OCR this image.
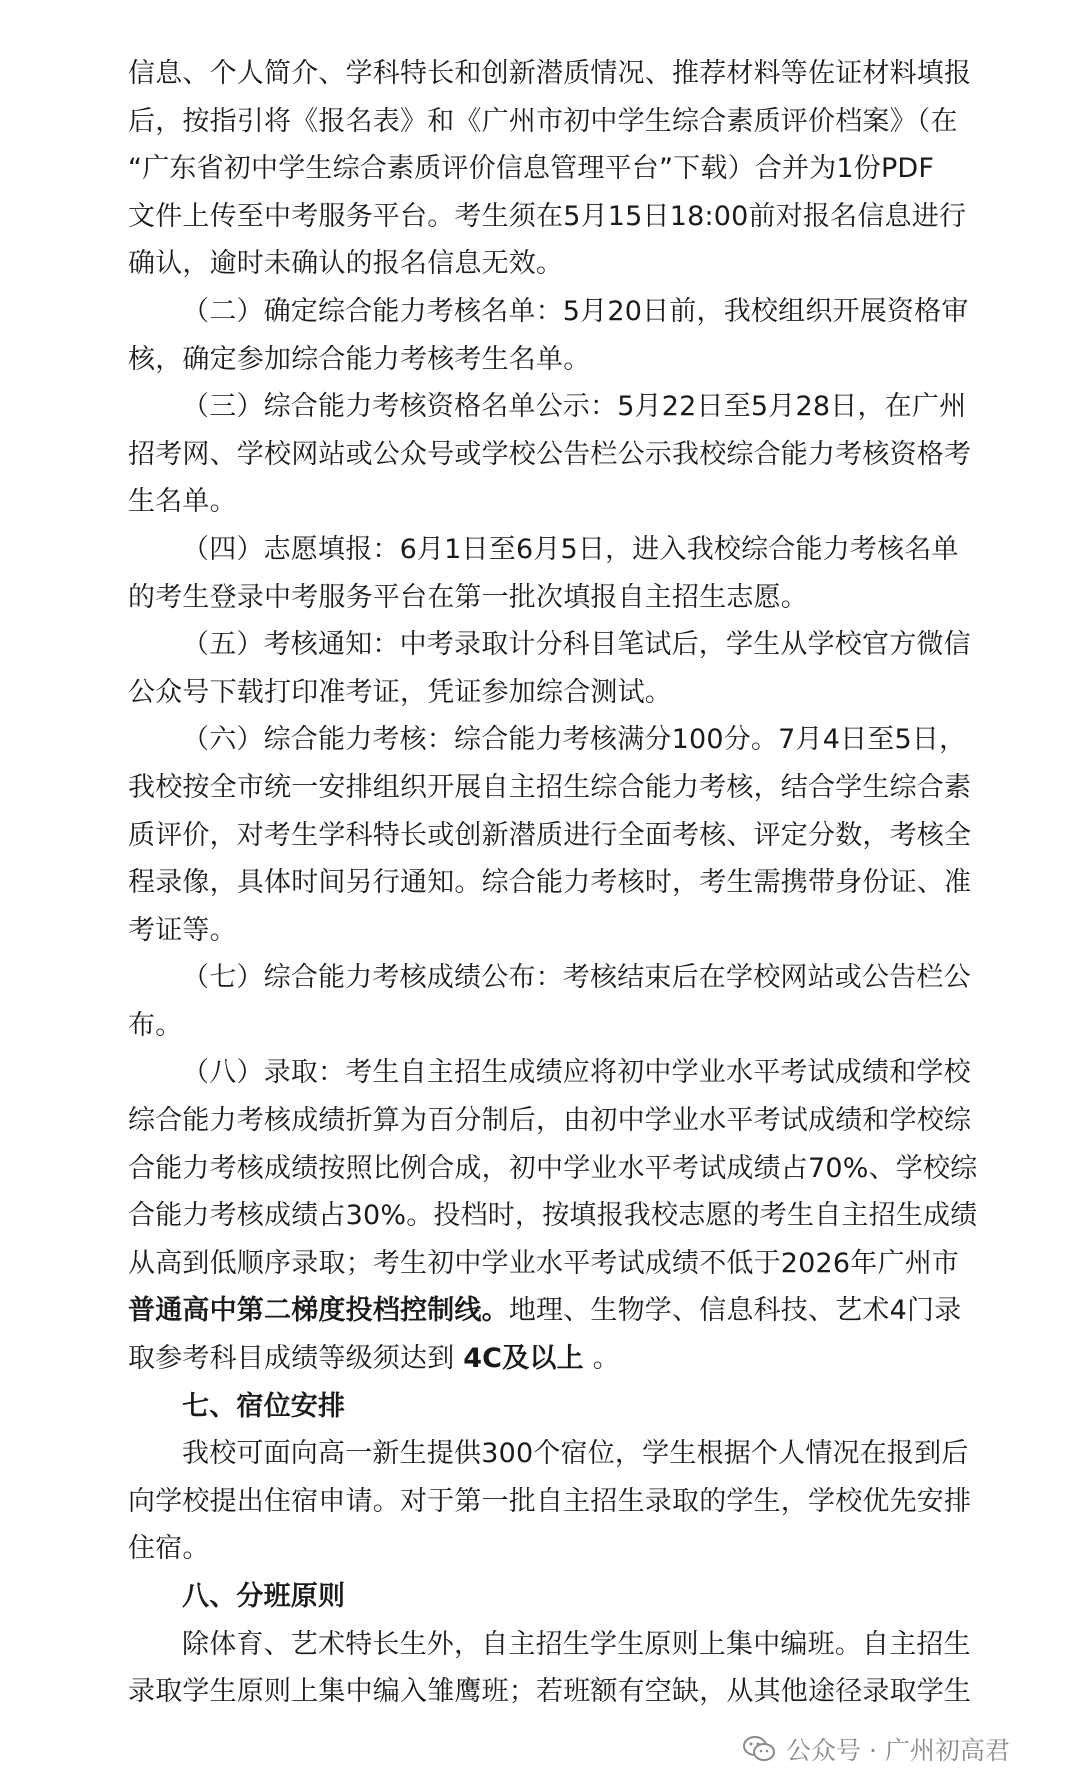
信息、个人简介、学科特长和创新潜质情况、推荐材料等佐证材料填报
后，按指引将《报名表》和《广州市初中学生综合素质评价档案》（在
“广东省初中学生综合素质评价信息管理平台”下载）合并为1份PDF
文件上传至中考服务平台。考生须在5月15日18:00前对报名信息进行
确认，逾时未确认的报名信息无效。
（二）确定综合能力考核名单：5月20日前，我校组织开展资格审
核，确定参加综合能力考核考生名单。
（三）综合能力考核资格名单公示：5月22日至5月28日，在广州
招考网、学校网站或公众号或学校公告栏公示我校综合能力考核资格考
生名单。
（四）志愿填报：6月1日至6月5日，进入我校综合能力考核名单
的考生登录中考服务平台在第一批次填报自主招生志愿。
（五）考核通知：中考录取计分科目笔试后，学生从学校官方微信
公众号下载打印准考证，凭证参加综合测试。
（六）综合能力考核：综合能力考核满分100分。7月4日至5日，
我校按全市统一安排组织开展自主招生综合能力考核，结合学生综合素
质评价，对考生学科特长或创新潜质进行全面考核、评定分数，考核全
程录像，具体时间另行通知。综合能力考核时，考生需携带身份证、准
考证等。
（七）综合能力考核成绩公布：考核结束后在学校网站或公告栏公
布。
（八）录取：考生自主招生成绩应将初中学业水平考试成绩和学校
综合能力考核成绩折算为百分制后，由初中学业水平考试成绩和学校综
合能力考核成绩按照比例合成，初中学业水平考试成绩占70%、学校综
合能力考核成绩占30%。投档时，按填报我校志愿的考生自主招生成绩
从高到低顺序录取；考生初中学业水平考试成绩不低于2026年广州市
普通高中第二梯度投档控制线。地理、生物学、信息科技、艺术4门录
取参考科目成绩等级须达到 4C及以上 。
七、宿位安排
我校可面向高一新生提供300个宿位，学生根据个人情况在报到后
向学校提出住宿申请。对于第一批自主招生录取的学生，学校优先安排
住宿。
八、分班原则
除体育、艺术特长生外，自主招生学生原则上集中编班。自主招生
录取学生原则上集中编入雏鹰班；若班额有空缺，从其他途径录取学生
公众号 · 广州初高君
